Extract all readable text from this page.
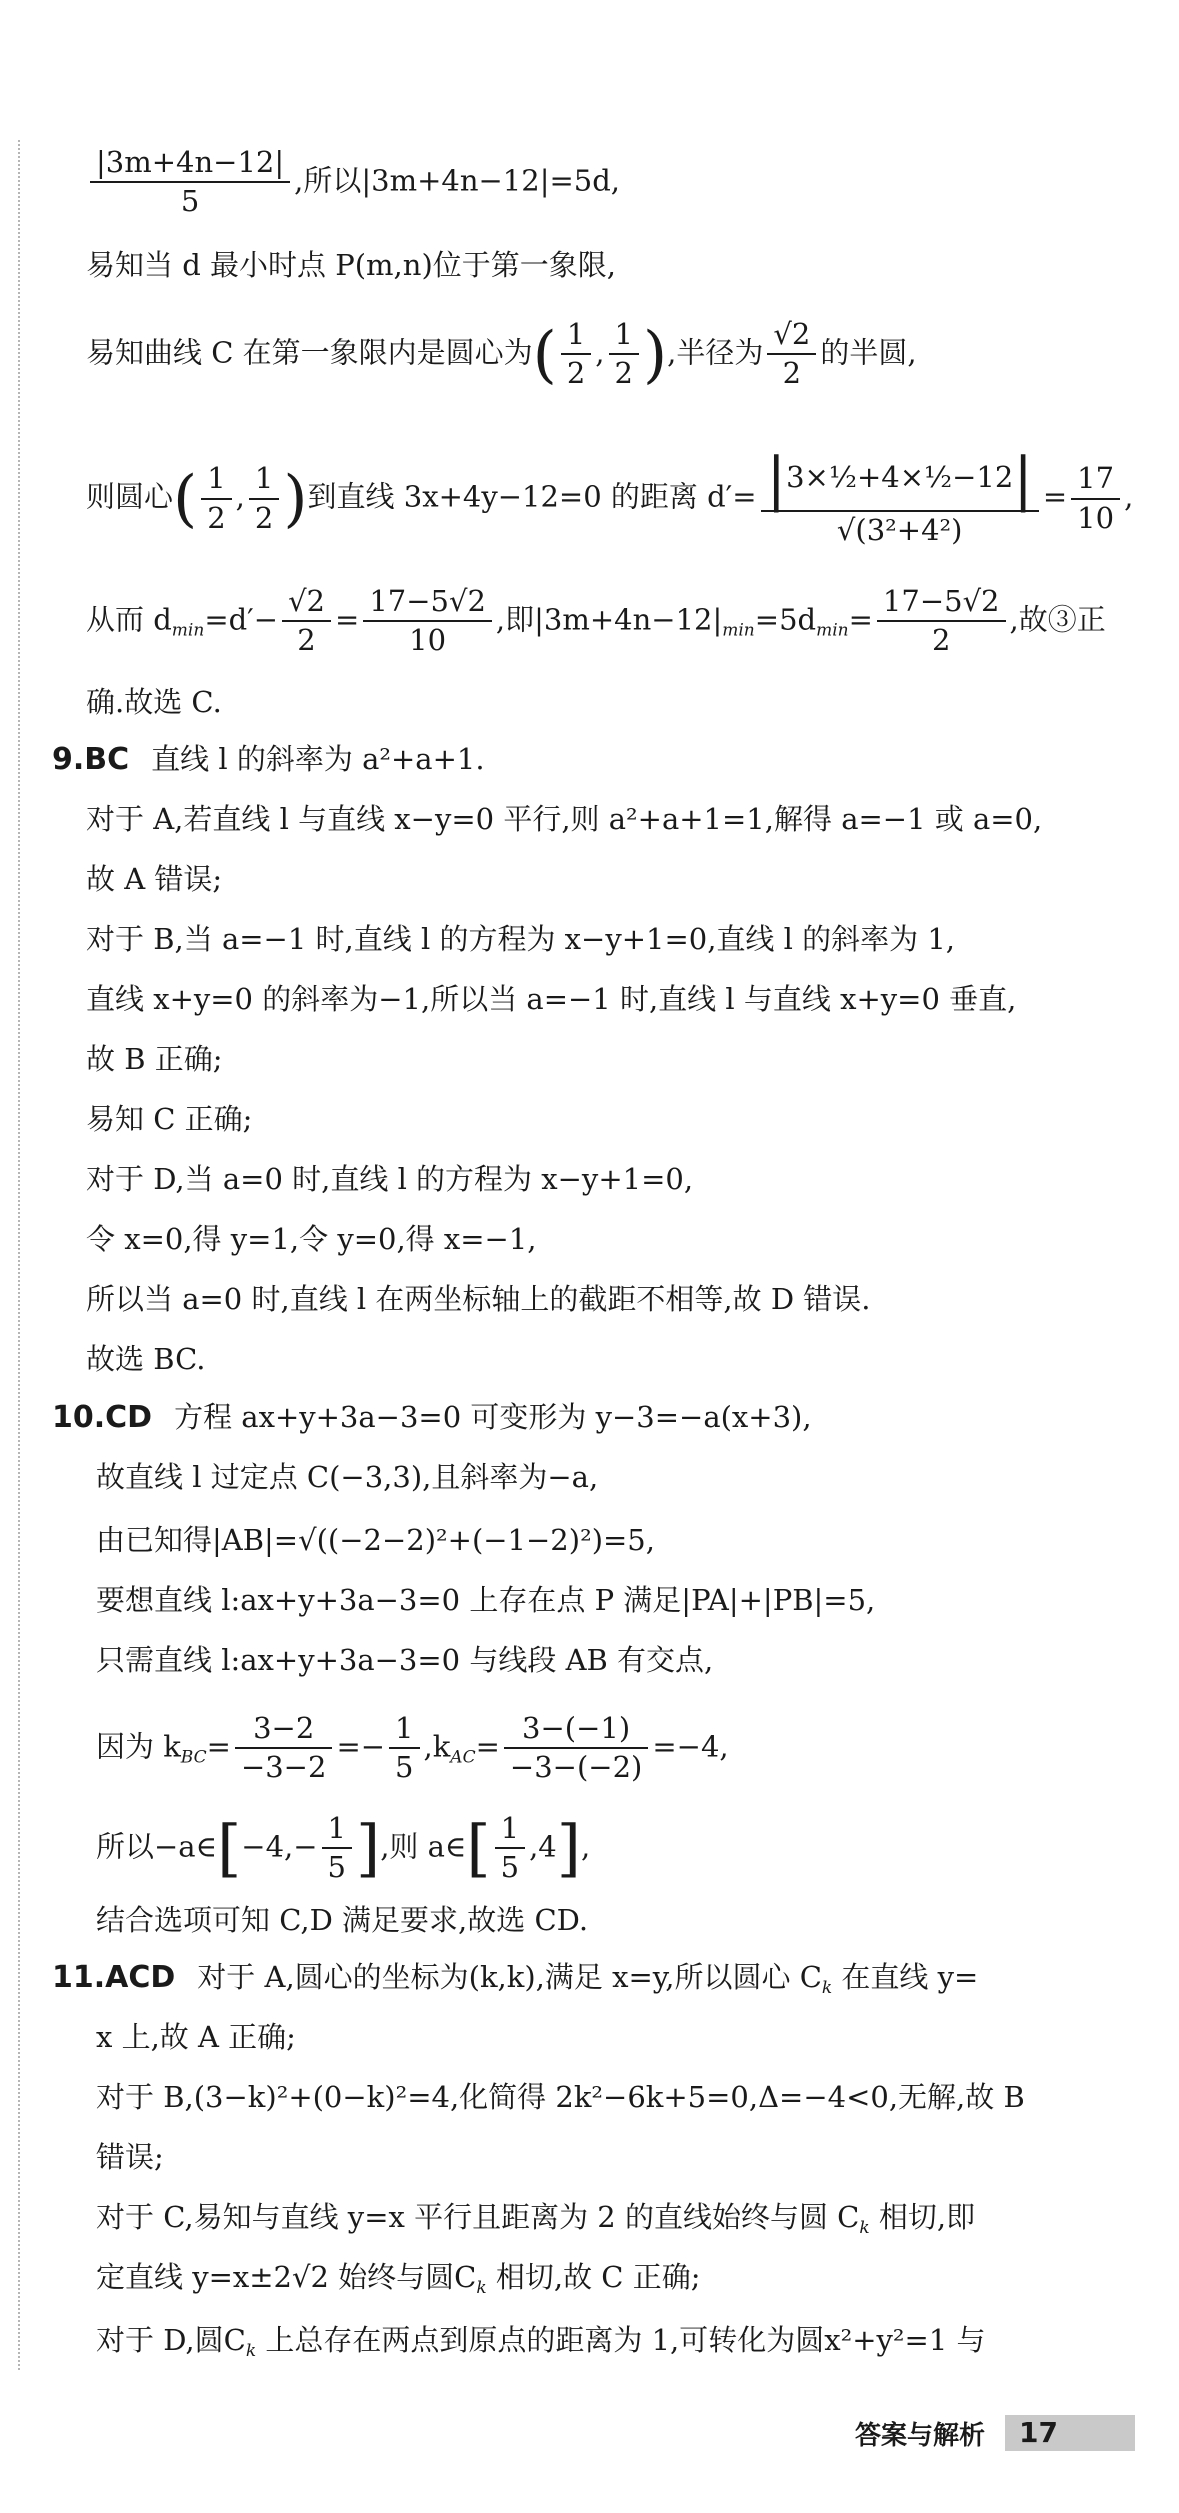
$\frac{|3m+4n-12|}{5}$ ,所以|3m+4n−12|=5d,
易知当 d 最小时点 P(m,n)位于第一象限,
易知曲线 C 在第一象限内是圆心为( $\frac{1}{2}$ , $\frac{1}{2}$ ),半径为 $\frac{√2}{2}$ 的半圆,
则圆心( $\frac{1}{2}$ , $\frac{1}{2}$ )到直线 3x+4y−12=0 的距离 $d'= \frac{\text{|3×½+4×½−12|}}{\text{√(3²+4²)}} = \frac{17}{10}$ ,
从而 $d_{min}=d'- \frac{√2}{2} = \frac{17-5√2}{10}$ ,即$|3m+4n-12|_{min}=5d_{min}= \frac{17-5√2}{2}$ ,故③正
确.故选 C.
9.BC 直线 l 的斜率为 a²+a+1.
对于 A,若直线 l 与直线 x−y=0 平行,则 a²+a+1=1,解得 a=−1 或 a=0,
故 A 错误;
对于 B,当 a=−1 时,直线 l 的方程为 x−y+1=0,直线 l 的斜率为 1,
直线 x+y=0 的斜率为−1,所以当 a=−1 时,直线 l 与直线 x+y=0 垂直,
故 B 正确;
易知 C 正确;
对于 D,当 a=0 时,直线 l 的方程为 x−y+1=0,
令 x=0,得 y=1,令 y=0,得 x=−1,
所以当 a=0 时,直线 l 在两坐标轴上的截距不相等,故 D 错误.
故选 BC.
10.CD 方程 ax+y+3a−3=0 可变形为 y−3=−a(x+3),
故直线 l 过定点 C(−3,3),且斜率为−a,
由已知得|AB|=√((−2−2)²+(−1−2)²)=5,
要想直线 l:ax+y+3a−3=0 上存在点 P 满足|PA|+|PB|=5,
只需直线 l:ax+y+3a−3=0 与线段 AB 有交点,
因为 $k_{BC}= \frac{3-2}{-3-2} =- \frac{1}{5} ,k_{AC}= \frac{3-(-1)}{-3-(-2)} =-4$,
所以−a∈[−4,− $\frac{1}{5}$ ],则 a∈[ $\frac{1}{5} ,4$],
结合选项可知 C,D 满足要求,故选 CD.
11.ACD 对于 A,圆心的坐标为(k,k),满足 x=y,所以圆心 $C_k$ 在直线 y=
x 上,故 A 正确;
对于 B,(3−k)²+(0−k)²=4,化简得 2k²−6k+5=0,Δ=−4<0,无解,故 B
错误;
对于 C,易知与直线 y=x 平行且距离为 2 的直线始终与圆 $C_k$ 相切,即
定直线 y=x±2√2 始终与圆$C_k$ 相切,故 C 正确;
对于 D,圆$C_k$ 上总存在两点到原点的距离为 1,可转化为圆x²+y²=1 与
答案与解析	17
